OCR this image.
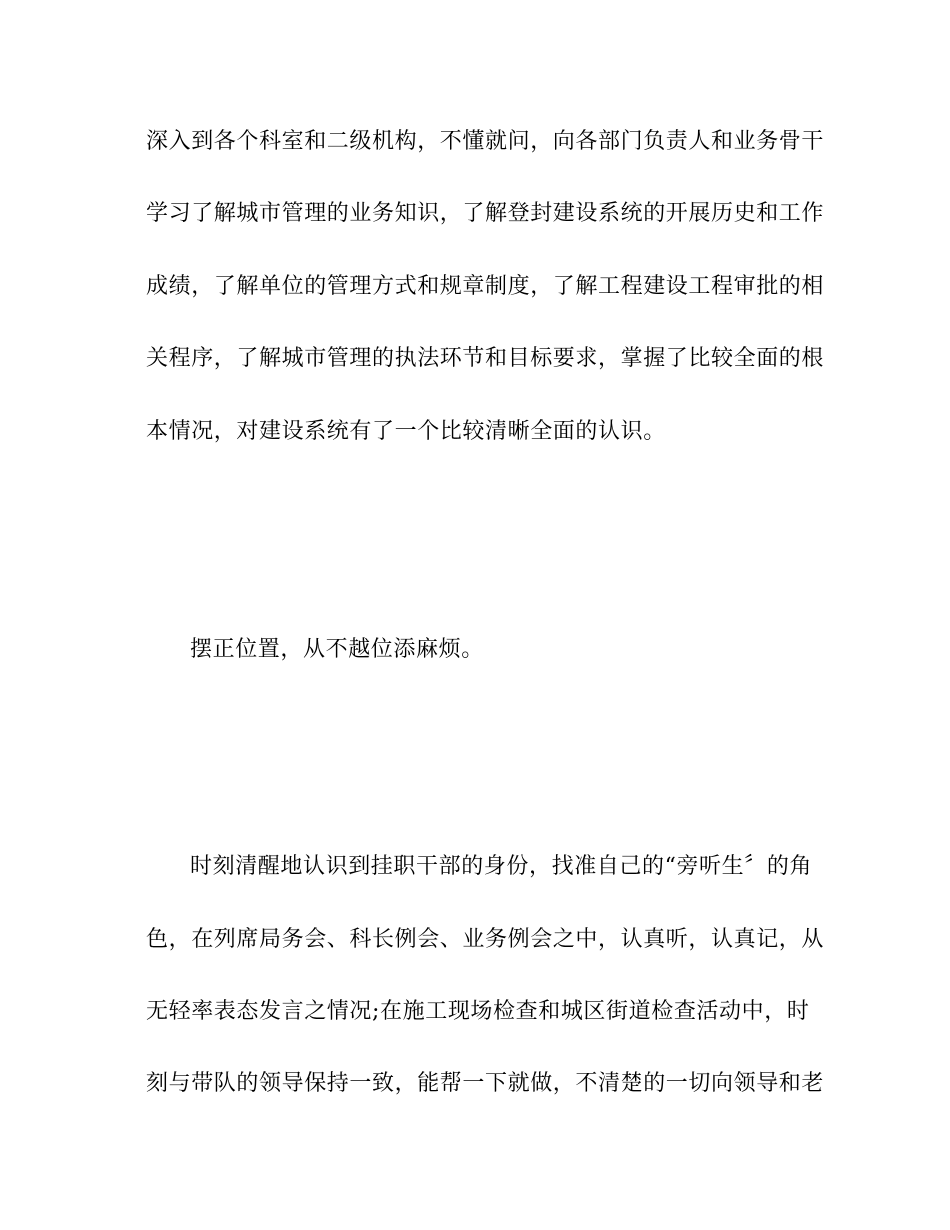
深入到各个科室和二级机构，不懂就问，向各部门负责人和业务骨干
学习了解城市管理的业务知识，了解登封建设系统的开展历史和工作
成绩，了解单位的管理方式和规章制度，了解工程建设工程审批的相
关程序，了解城市管理的执法环节和目标要求，掌握了比较全面的根
本情况，对建设系统有了一个比较清晰全面的认识。
摆正位置，从不越位添麻烦。
时刻清醒地认识到挂职干部的身份，找准自己的“旁听生〞的角
色，在列席局务会、科长例会、业务例会之中，认真听，认真记，从
无轻率表态发言之情况;在施工现场检查和城区街道检查活动中，时
刻与带队的领导保持一致，能帮一下就做，不清楚的一切向领导和老
